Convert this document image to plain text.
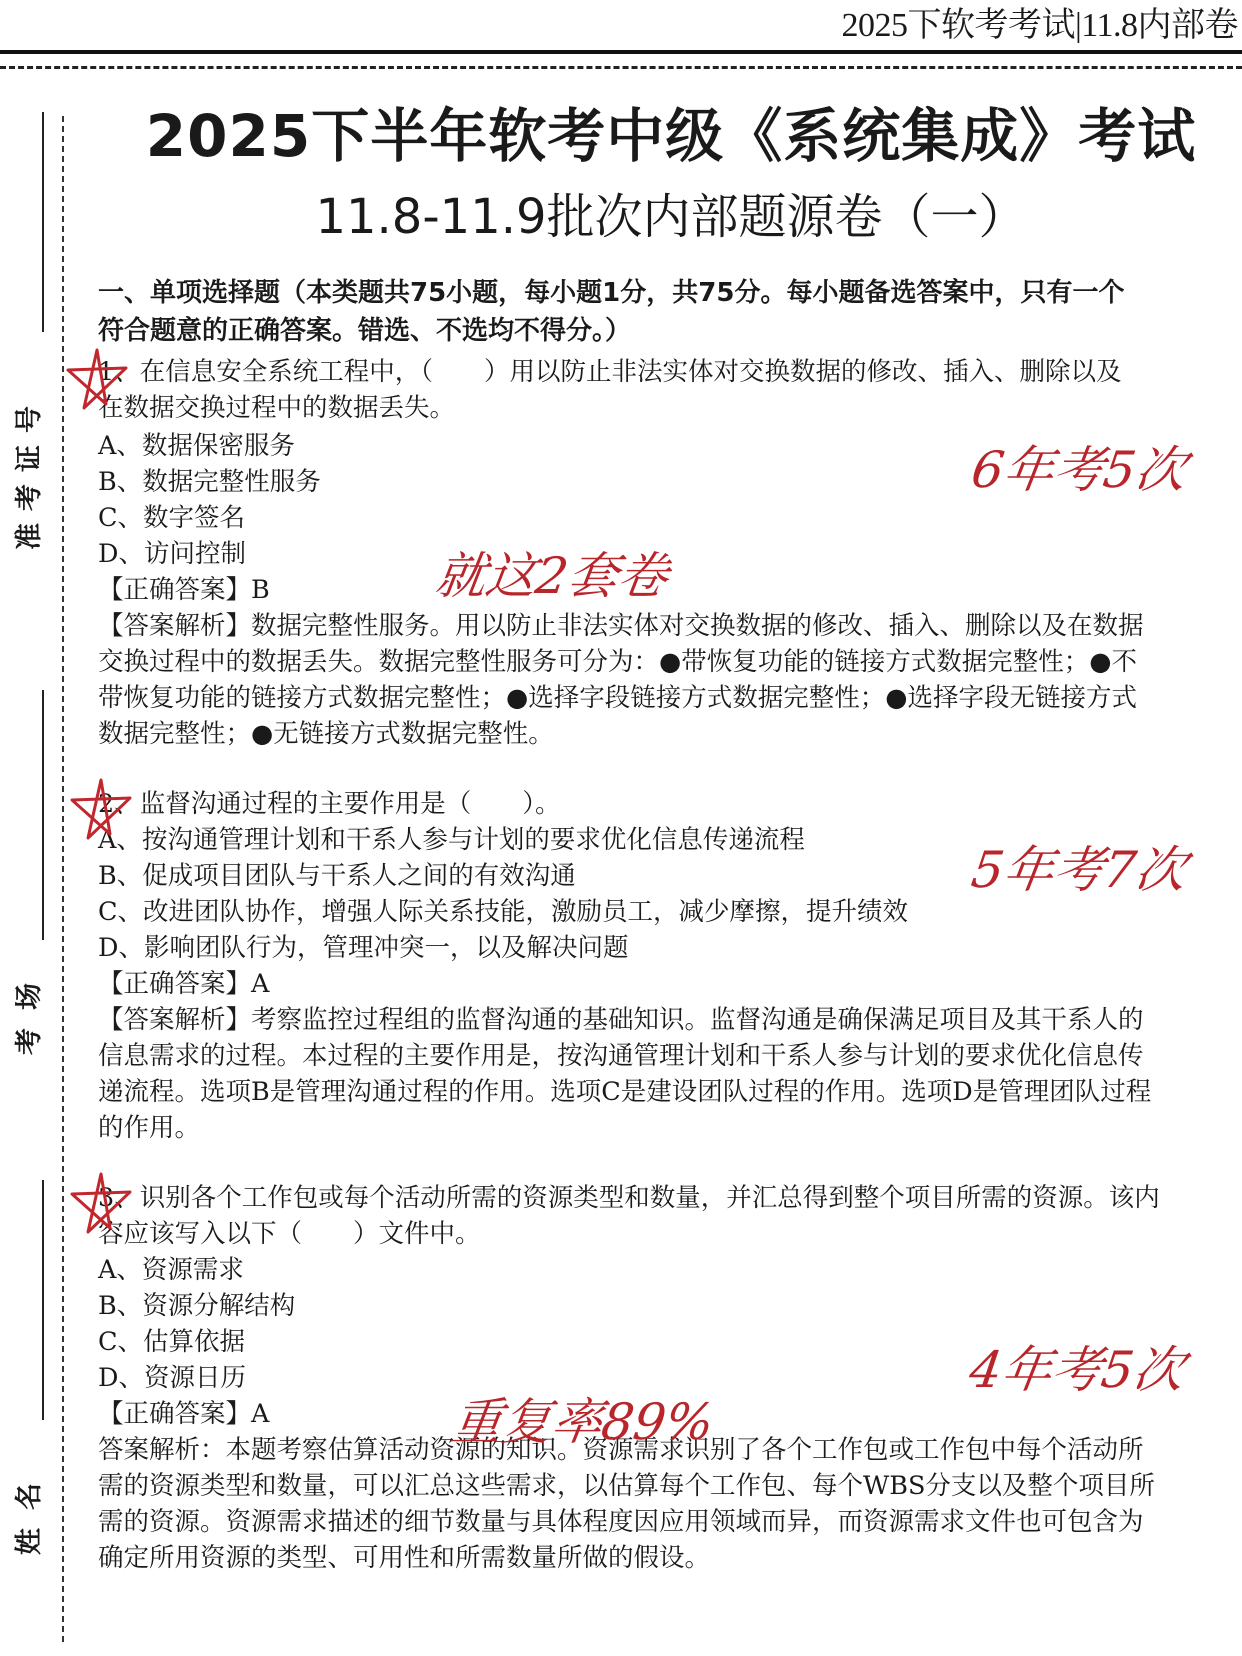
2025下软考考试|11.8内部卷
准考证号
考场
姓名
2025下半年软考中级《系统集成》考试
11.8-11.9批次内部题源卷（一）
一、单项选择题（本类题共75小题，每小题1分，共75分。每小题备选答案中，只有一个
符合题意的正确答案。错选、不选均不得分。）
1、在信息安全系统工程中，（　　）用以防止非法实体对交换数据的修改、插入、删除以及
在数据交换过程中的数据丢失。
A、数据保密服务
B、数据完整性服务
C、数字签名
D、访问控制
【正确答案】B
【答案解析】数据完整性服务。用以防止非法实体对交换数据的修改、插入、删除以及在数据
交换过程中的数据丢失。数据完整性服务可分为：●带恢复功能的链接方式数据完整性；●不
带恢复功能的链接方式数据完整性；●选择字段链接方式数据完整性；●选择字段无链接方式
数据完整性；●无链接方式数据完整性。
2、监督沟通过程的主要作用是（　　）。
A、按沟通管理计划和干系人参与计划的要求优化信息传递流程
B、促成项目团队与干系人之间的有效沟通
C、改进团队协作，增强人际关系技能，激励员工，减少摩擦，提升绩效
D、影响团队行为，管理冲突一，以及解决问题
【正确答案】A
【答案解析】考察监控过程组的监督沟通的基础知识。监督沟通是确保满足项目及其干系人的
信息需求的过程。本过程的主要作用是，按沟通管理计划和干系人参与计划的要求优化信息传
递流程。选项B是管理沟通过程的作用。选项C是建设团队过程的作用。选项D是管理团队过程
的作用。
3、识别各个工作包或每个活动所需的资源类型和数量，并汇总得到整个项目所需的资源。该内
容应该写入以下（　　）文件中。
A、资源需求
B、资源分解结构
C、估算依据
D、资源日历
【正确答案】A
答案解析：本题考察估算活动资源的知识。资源需求识别了各个工作包或工作包中每个活动所
需的资源类型和数量，可以汇总这些需求，以估算每个工作包、每个WBS分支以及整个项目所
需的资源。资源需求描述的细节数量与具体程度因应用领域而异，而资源需求文件也可包含为
确定所用资源的类型、可用性和所需数量所做的假设。
6年考5次
就这2套卷
5年考7次
4年考5次
重复率89%
